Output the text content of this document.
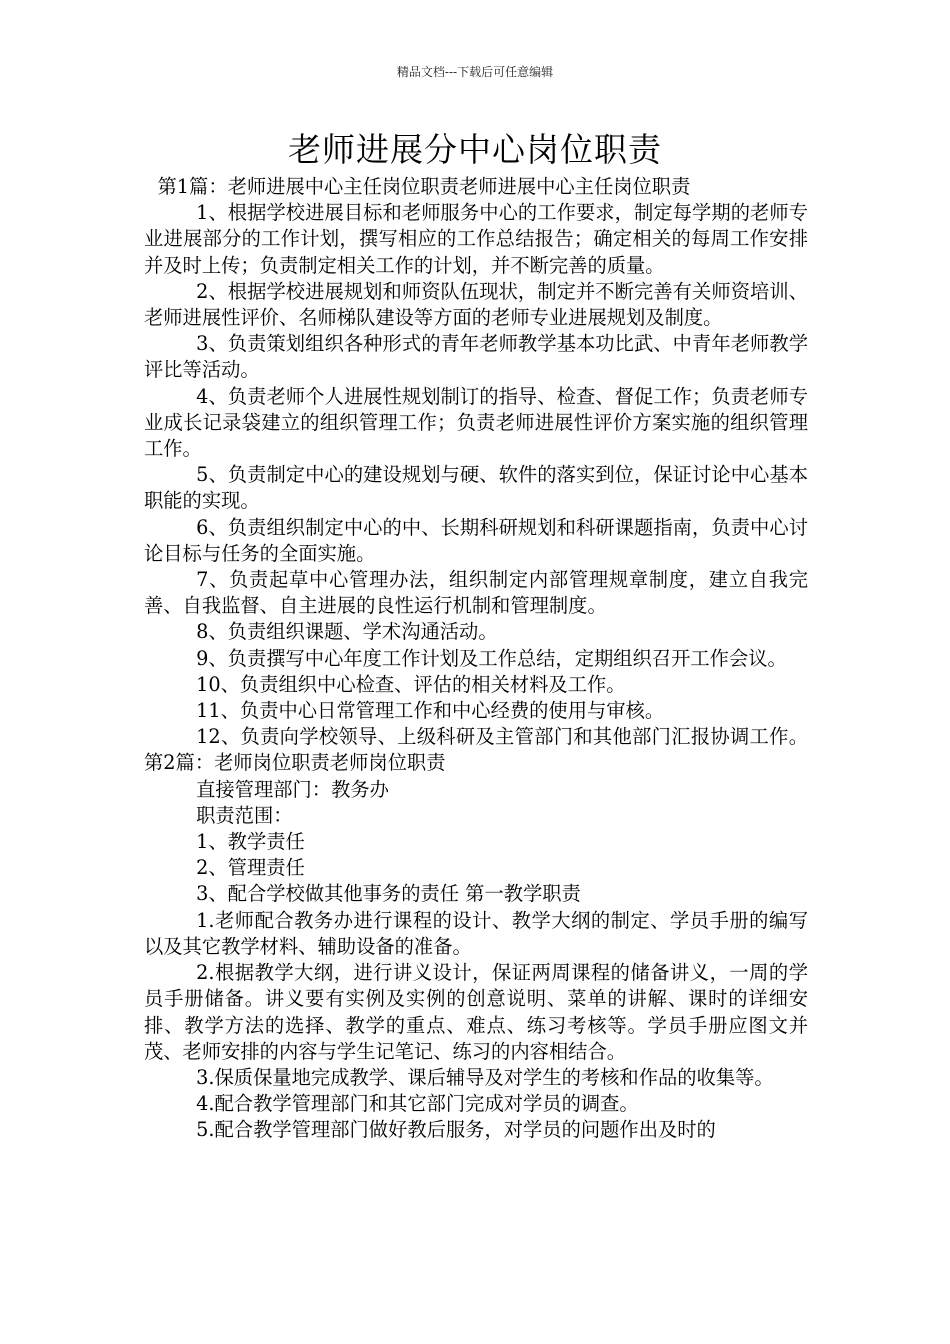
精品文档---下载后可任意编辑
老师进展分中心岗位职责

第1篇：老师进展中心主任岗位职责老师进展中心主任岗位职责

1、根据学校进展目标和老师服务中心的工作要求，制定每学期的老师专业进展部分的工作计划，撰写相应的工作总结报告；确定相关的每周工作安排并及时上传；负责制定相关工作的计划，并不断完善的质量。

2、根据学校进展规划和师资队伍现状，制定并不断完善有关师资培训、老师进展性评价、名师梯队建设等方面的老师专业进展规划及制度。

3、负责策划组织各种形式的青年老师教学基本功比武、中青年老师教学评比等活动。

4、负责老师个人进展性规划制订的指导、检查、督促工作；负责老师专业成长记录袋建立的组织管理工作；负责老师进展性评价方案实施的组织管理工作。

5、负责制定中心的建设规划与硬、软件的落实到位，保证讨论中心基本职能的实现。

6、负责组织制定中心的中、长期科研规划和科研课题指南，负责中心讨论目标与任务的全面实施。

7、负责起草中心管理办法，组织制定内部管理规章制度，建立自我完善、自我监督、自主进展的良性运行机制和管理制度。

8、负责组织课题、学术沟通活动。

9、负责撰写中心年度工作计划及工作总结，定期组织召开工作会议。

10、负责组织中心检查、评估的相关材料及工作。

11、负责中心日常管理工作和中心经费的使用与审核。

12、负责向学校领导、上级科研及主管部门和其他部门汇报协调工作。第2篇：老师岗位职责老师岗位职责

直接管理部门：教务办

职责范围：

1、教学责任

2、管理责任

3、配合学校做其他事务的责任 第一教学职责

1.老师配合教务办进行课程的设计、教学大纲的制定、学员手册的编写以及其它教学材料、辅助设备的准备。

2.根据教学大纲，进行讲义设计，保证两周课程的储备讲义，一周的学员手册储备。讲义要有实例及实例的创意说明、菜单的讲解、课时的详细安排、教学方法的选择、教学的重点、难点、练习考核等。学员手册应图文并茂、老师安排的内容与学生记笔记、练习的内容相结合。

3.保质保量地完成教学、课后辅导及对学生的考核和作品的收集等。

4.配合教学管理部门和其它部门完成对学员的调查。

5.配合教学管理部门做好教后服务，对学员的问题作出及时的
